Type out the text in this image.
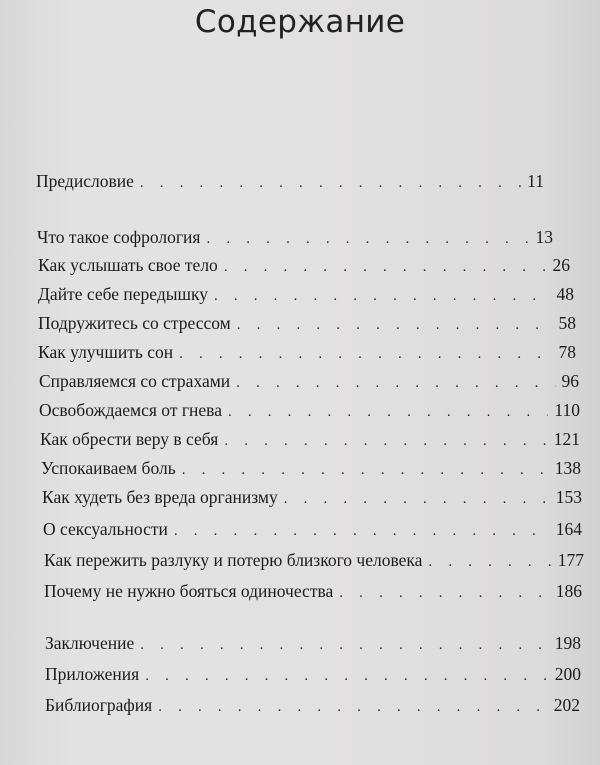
Содержание
Предисловие . . .	11
Что такое софрология . . .	13
Как услышать свое тело . . .	26
Дайте себе передышку . . .	48
Подружитесь со стрессом . . .	58
Как улучшить сон . . .	78
Справляемся со страхами . . .	96
Освобождаемся от гнева . . .	110
Как обрести веру в себя . . .	121
Успокаиваем боль . . .	138
Как худеть без вреда организму . . .	153
О сексуальности . . .	164
Как пережить разлуку и потерю близкого человека . . .	177
Почему не нужно бояться одиночества . . .	186
Заключение . . .	198
Приложения . . .	200
Библиография . . .	202
